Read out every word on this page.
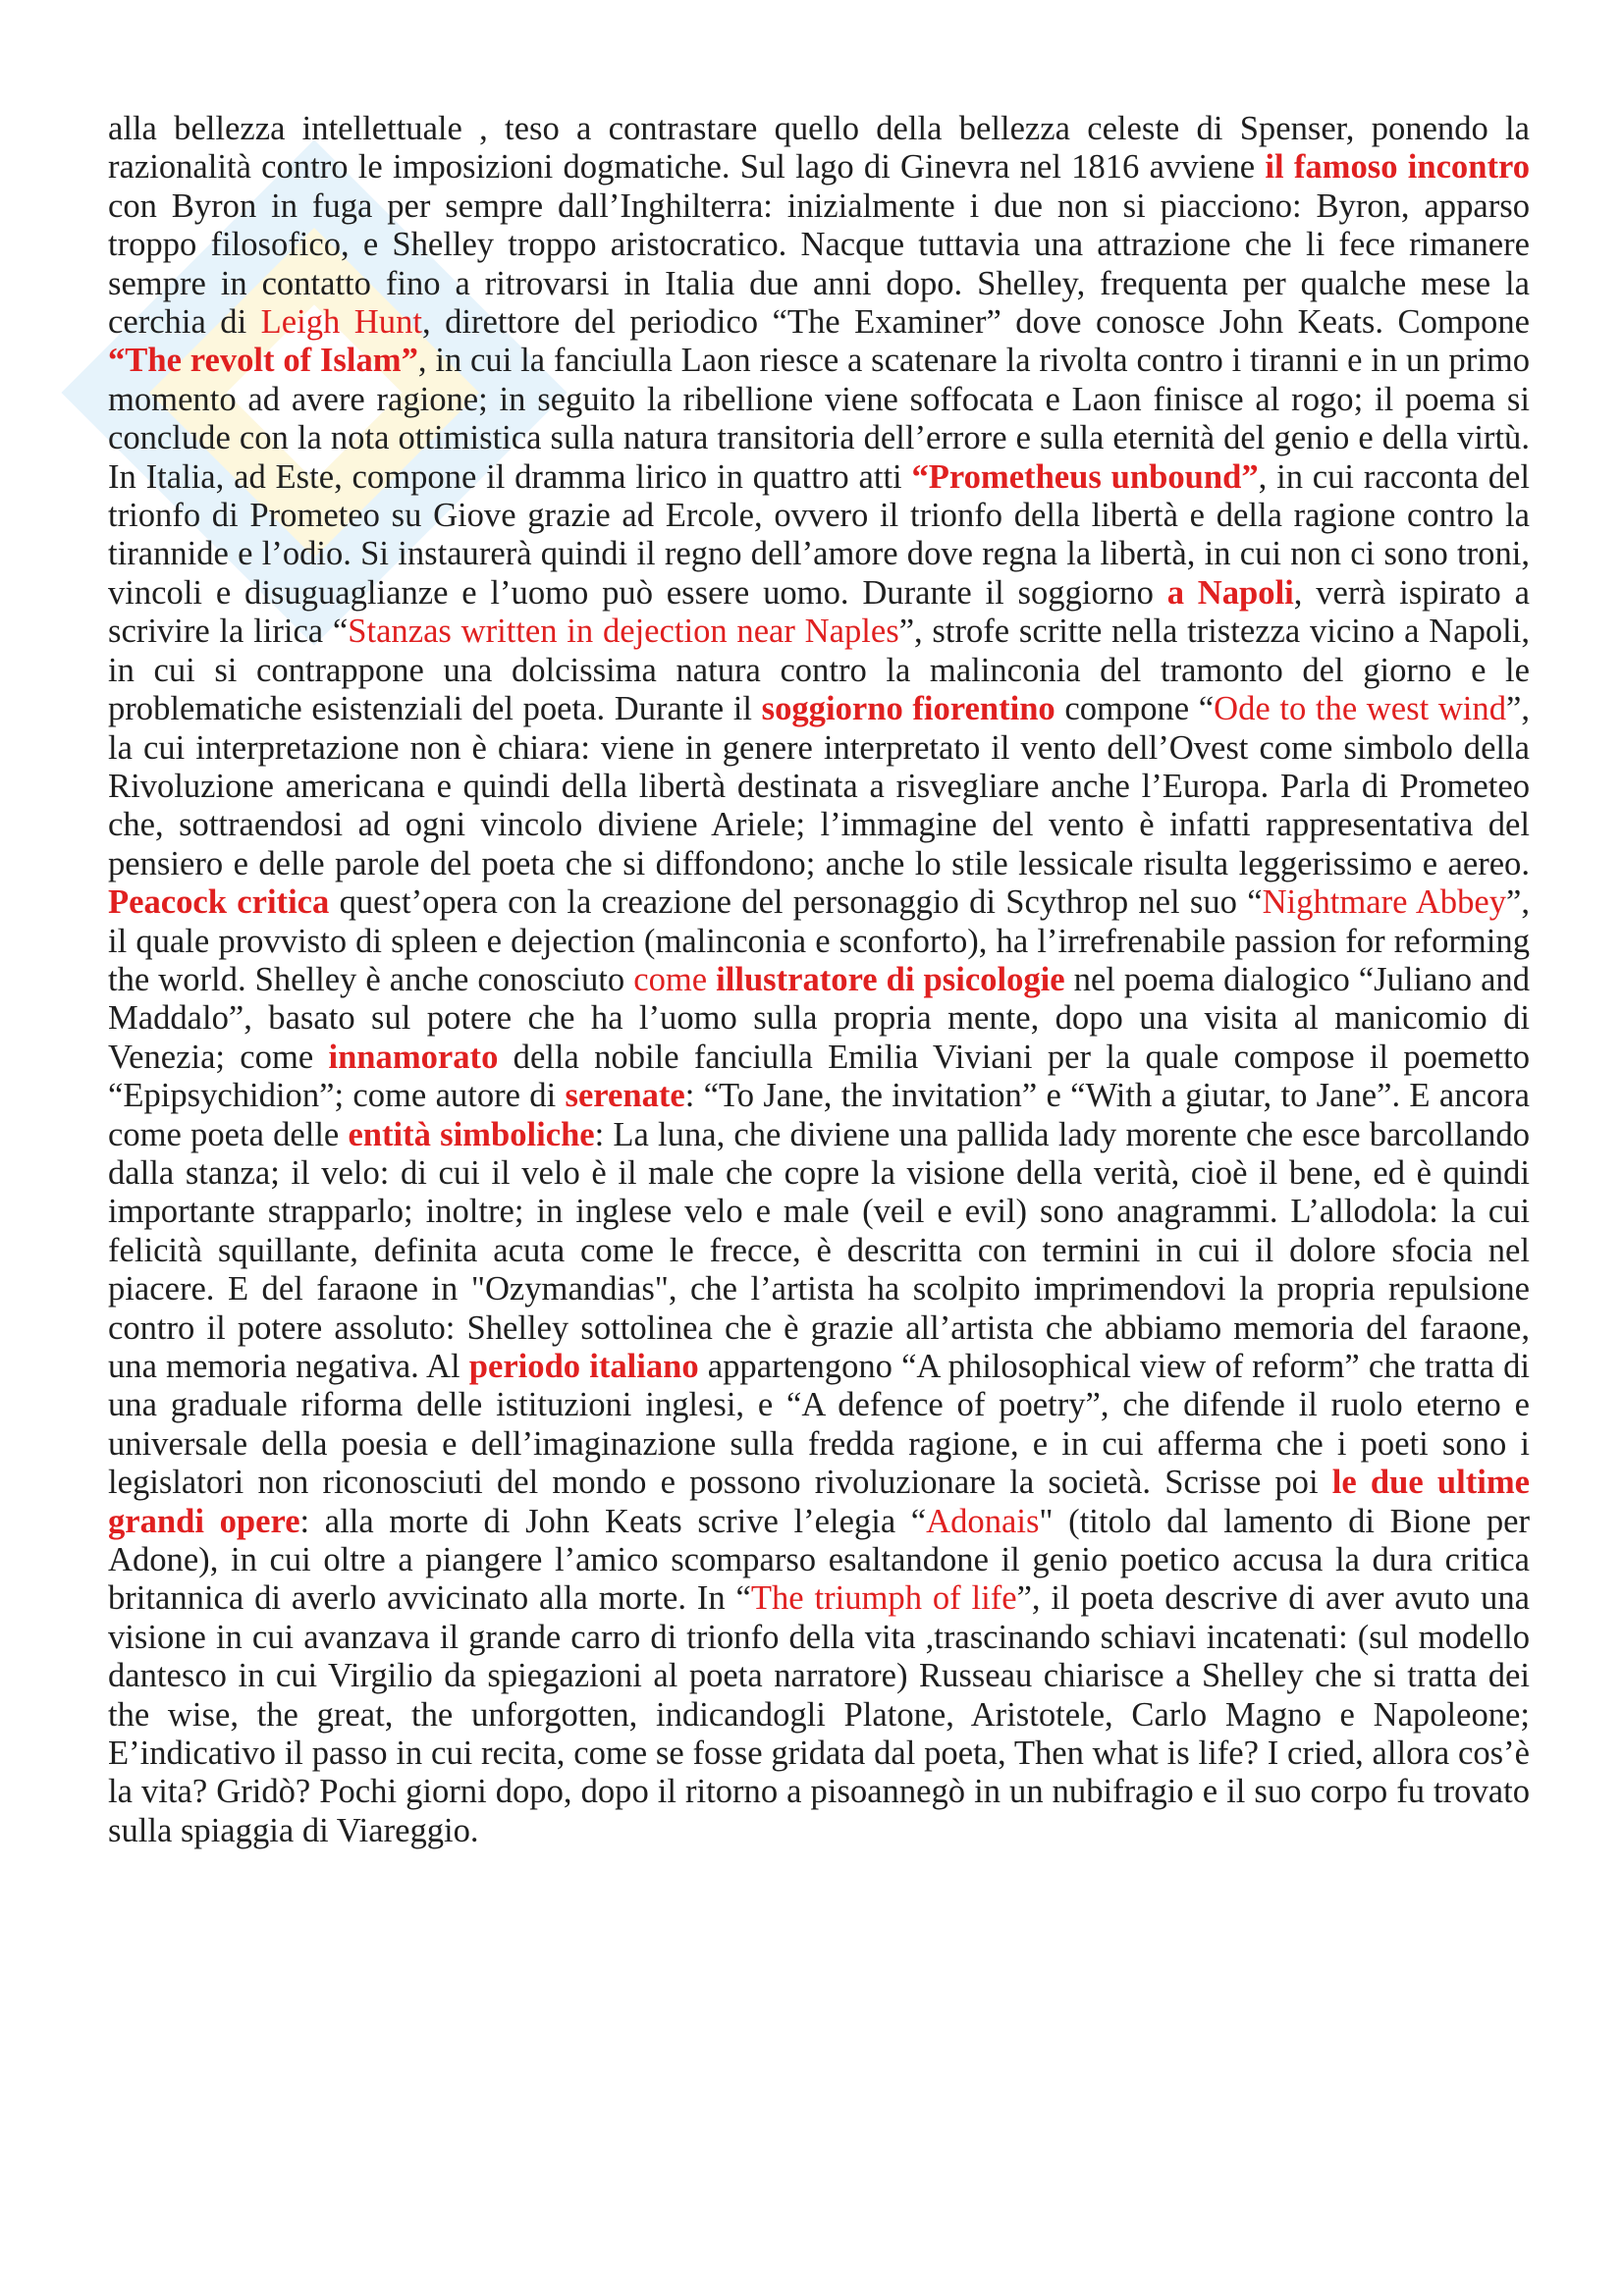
alla bellezza intellettuale , teso a contrastare quello della bellezza celeste di Spenser, ponendo la razionalità contro le imposizioni dogmatiche. Sul lago di Ginevra nel 1816 avviene il famoso incontro con Byron in fuga per sempre dall’Inghilterra: inizialmente i due non si piacciono: Byron, apparso troppo filosofico, e Shelley troppo aristocratico. Nacque tuttavia una attrazione che li fece rimanere sempre in contatto fino a ritrovarsi in Italia due anni dopo. Shelley, frequenta per qualche mese la cerchia di Leigh Hunt, direttore del periodico “The Examiner” dove conosce John Keats. Compone “The revolt of Islam”, in cui la fanciulla Laon riesce a scatenare la rivolta contro i tiranni e in un primo momento ad avere ragione; in seguito la ribellione viene soffocata e Laon finisce al rogo; il poema si conclude con la nota ottimistica sulla natura transitoria dell’errore e sulla eternità del genio e della virtù. In Italia, ad Este, compone il dramma lirico in quattro atti “Prometheus unbound”, in cui racconta del trionfo di Prometeo su Giove grazie ad Ercole, ovvero il trionfo della libertà e della ragione contro la tirannide e l’odio. Si instaurerà quindi il regno dell’amore dove regna la libertà, in cui non ci sono troni, vincoli e disuguaglianze e l’uomo può essere uomo. Durante il soggiorno a Napoli, verrà ispirato a scrivire la lirica “Stanzas written in dejection near Naples”, strofe scritte nella tristezza vicino a Napoli, in cui si contrappone una dolcissima natura contro la malinconia del tramonto del giorno e le problematiche esistenziali del poeta. Durante il soggiorno fiorentino compone “Ode to the west wind”, la cui interpretazione non è chiara: viene in genere interpretato il vento dell’Ovest come simbolo della Rivoluzione americana e quindi della libertà destinata a risvegliare anche l’Europa. Parla di Prometeo che, sottraendosi ad ogni vincolo diviene Ariele; l’immagine del vento è infatti rappresentativa del pensiero e delle parole del poeta che si diffondono; anche lo stile lessicale risulta leggerissimo e aereo. Peacock critica quest’opera con la creazione del personaggio di Scythrop nel suo “Nightmare Abbey”, il quale provvisto di spleen e dejection (malinconia e sconforto), ha l’irrefrenabile passion for reforming the world. Shelley è anche conosciuto come illustratore di psicologie nel poema dialogico “Juliano and Maddalo”, basato sul potere che ha l’uomo sulla propria mente, dopo una visita al manicomio di Venezia; come innamorato della nobile fanciulla Emilia Viviani per la quale compose il poemetto “Epipsychidion”; come autore di serenate: “To Jane, the invitation” e “With a giutar, to Jane”. E ancora come poeta delle entità simboliche: La luna, che diviene una pallida lady morente che esce barcollando dalla stanza; il velo: di cui il velo è il male che copre la visione della verità, cioè il bene, ed è quindi importante strapparlo; inoltre; in inglese velo e male (veil e evil) sono anagrammi. L’allodola: la cui felicità squillante, definita acuta come le frecce, è descritta con termini in cui il dolore sfocia nel piacere. E del faraone in "Ozymandias", che l’artista ha scolpito imprimendovi la propria repulsione contro il potere assoluto: Shelley sottolinea che è grazie all’artista che abbiamo memoria del faraone, una memoria negativa. Al periodo italiano appartengono “A philosophical view of reform” che tratta di una graduale riforma delle istituzioni inglesi, e “A defence of poetry”, che difende il ruolo eterno e universale della poesia e dell’imaginazione sulla fredda ragione, e in cui afferma che i poeti sono i legislatori non riconosciuti del mondo e possono rivoluzionare la società. Scrisse poi le due ultime grandi opere: alla morte di John Keats scrive l’elegia “Adonais" (titolo dal lamento di Bione per Adone), in cui oltre a piangere l’amico scomparso esaltandone il genio poetico accusa la dura critica britannica di averlo avvicinato alla morte. In “The triumph of life”, il poeta descrive di aver avuto una visione in cui avanzava il grande carro di trionfo della vita ,trascinando schiavi incatenati: (sul modello dantesco in cui Virgilio da spiegazioni al poeta narratore) Russeau chiarisce a Shelley che si tratta dei the wise, the great, the unforgotten, indicandogli Platone, Aristotele, Carlo Magno e Napoleone; E’indicativo il passo in cui recita, come se fosse gridata dal poeta, Then what is life? I cried, allora cos’è la vita? Gridò? Pochi giorni dopo, dopo il ritorno a pisoannegò in un nubifragio e il suo corpo fu trovato sulla spiaggia di Viareggio.
